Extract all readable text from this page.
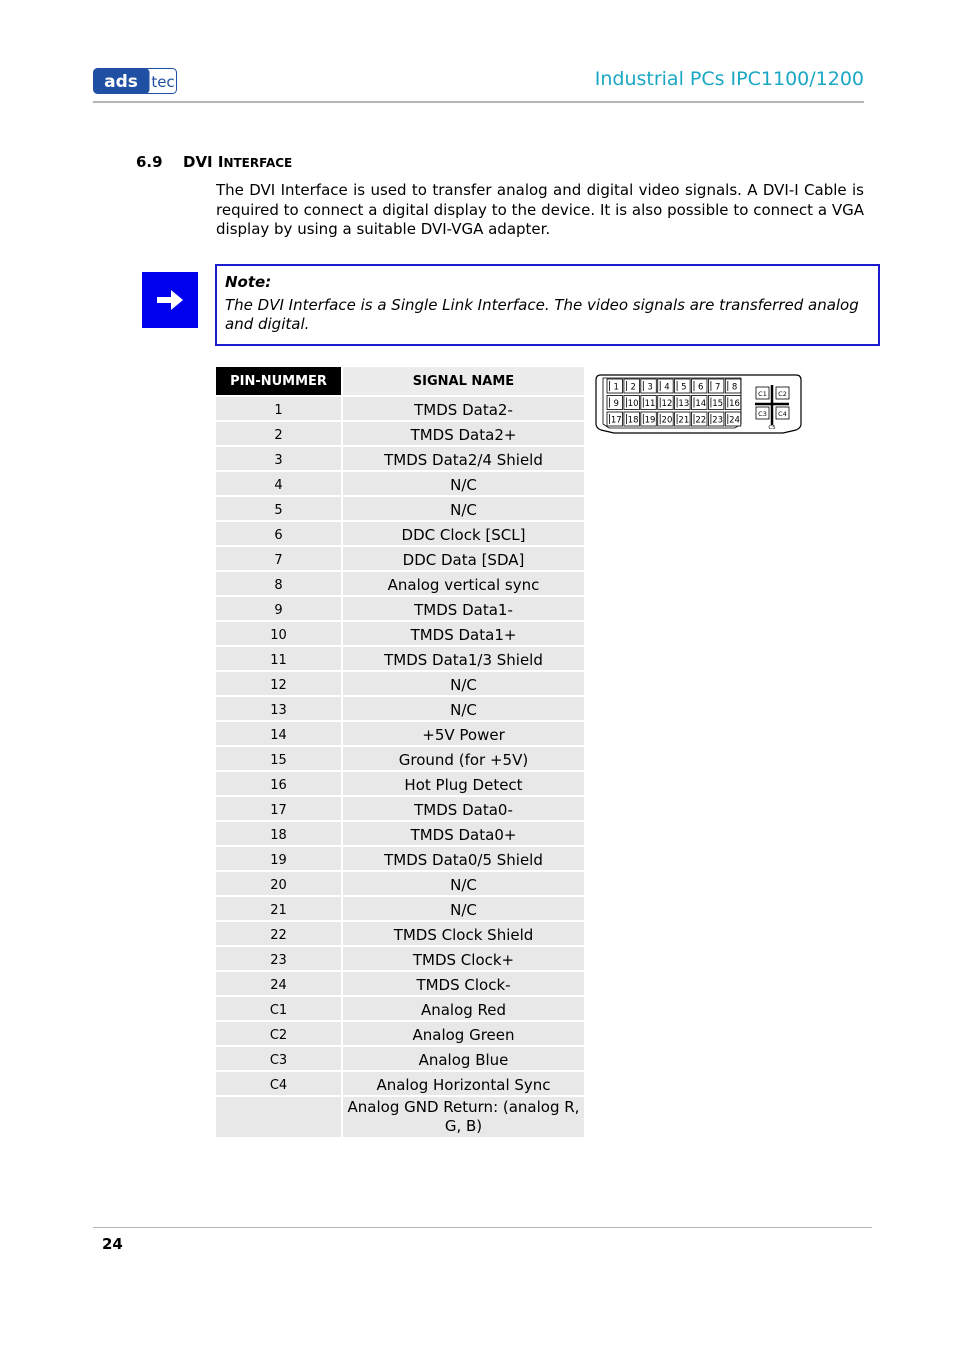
ads tec	Industrial PCs IPC1100/1200
6.9 DVI INTERFACE
The DVI Interface is used to transfer analog and digital video signals. A DVI-I Cable is required to connect a digital display to the device. It is also possible to connect a VGA display by using a suitable DVI-VGA adapter.
Note:
The DVI Interface is a Single Link Interface. The video signals are transferred analog and digital.
PIN-NUMMER	SIGNAL NAME
1	TMDS Data2-
2	TMDS Data2+
3	TMDS Data2/4 Shield
4	N/C
5	N/C
6	DDC Clock [SCL]
7	DDC Data [SDA]
8	Analog vertical sync
9	TMDS Data1-
10	TMDS Data1+
11	TMDS Data1/3 Shield
12	N/C
13	N/C
14	+5V Power
15	Ground (for +5V)
16	Hot Plug Detect
17	TMDS Data0-
18	TMDS Data0+
19	TMDS Data0/5 Shield
20	N/C
21	N/C
22	TMDS Clock Shield
23	TMDS Clock+
24	TMDS Clock-
C1	Analog Red
C2	Analog Green
C3	Analog Blue
C4	Analog Horizontal Sync
	Analog GND Return: (analog R, G, B)
1 2 3 4 5 6 7 8
9 10 11 12 13 14 15 16
17 18 19 20 21 22 23 24
C1 C2
C3 C4
C5
24
